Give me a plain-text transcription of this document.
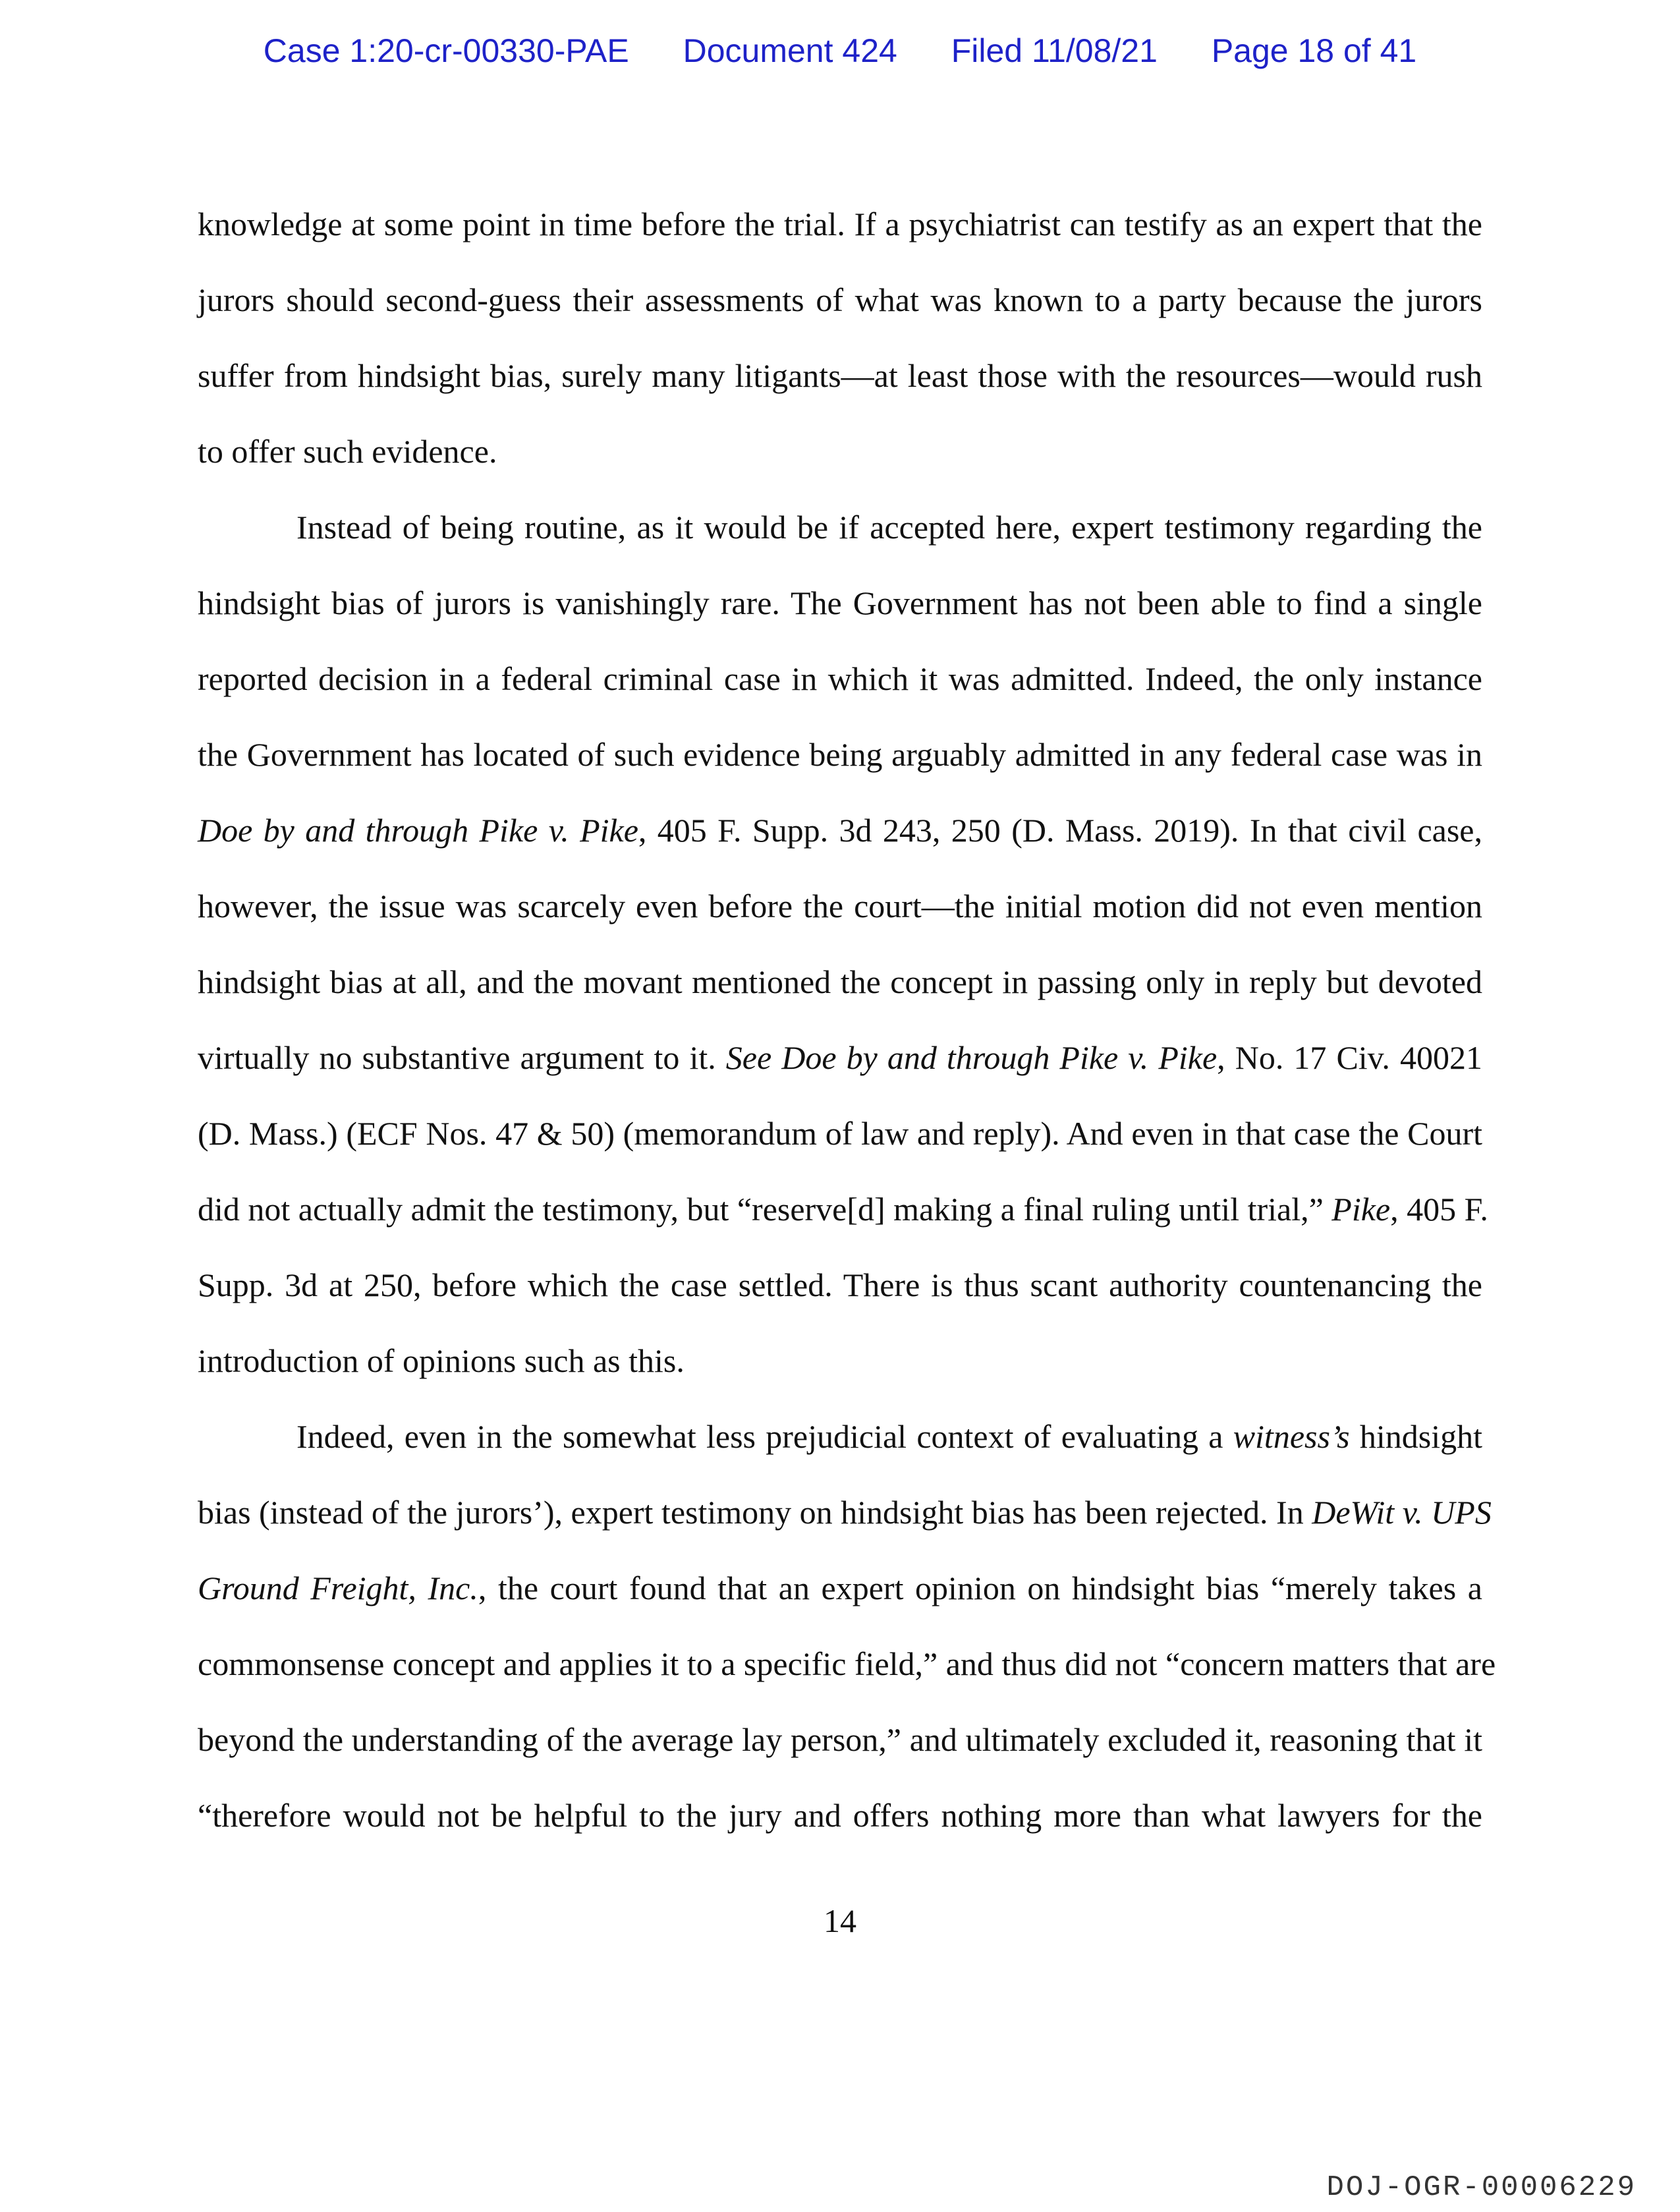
Case 1:20-cr-00330-PAE Document 424 Filed 11/08/21 Page 18 of 41
knowledge at some point in time before the trial. If a psychiatrist can testify as an expert that the
jurors should second-guess their assessments of what was known to a party because the jurors
suffer from hindsight bias, surely many litigants—at least those with the resources—would rush
to offer such evidence.
Instead of being routine, as it would be if accepted here, expert testimony regarding the
hindsight bias of jurors is vanishingly rare. The Government has not been able to find a single
reported decision in a federal criminal case in which it was admitted. Indeed, the only instance
the Government has located of such evidence being arguably admitted in any federal case was in
Doe by and through Pike v. Pike, 405 F. Supp. 3d 243, 250 (D. Mass. 2019). In that civil case,
however, the issue was scarcely even before the court—the initial motion did not even mention
hindsight bias at all, and the movant mentioned the concept in passing only in reply but devoted
virtually no substantive argument to it. See Doe by and through Pike v. Pike, No. 17 Civ. 40021
(D. Mass.) (ECF Nos. 47 & 50) (memorandum of law and reply). And even in that case the Court
did not actually admit the testimony, but “reserve[d] making a final ruling until trial,” Pike, 405 F.
Supp. 3d at 250, before which the case settled. There is thus scant authority countenancing the
introduction of opinions such as this.
Indeed, even in the somewhat less prejudicial context of evaluating a witness’s hindsight
bias (instead of the jurors’), expert testimony on hindsight bias has been rejected. In DeWit v. UPS
Ground Freight, Inc., the court found that an expert opinion on hindsight bias “merely takes a
commonsense concept and applies it to a specific field,” and thus did not “concern matters that are
beyond the understanding of the average lay person,” and ultimately excluded it, reasoning that it
“therefore would not be helpful to the jury and offers nothing more than what lawyers for the
14
DOJ-OGR-00006229
